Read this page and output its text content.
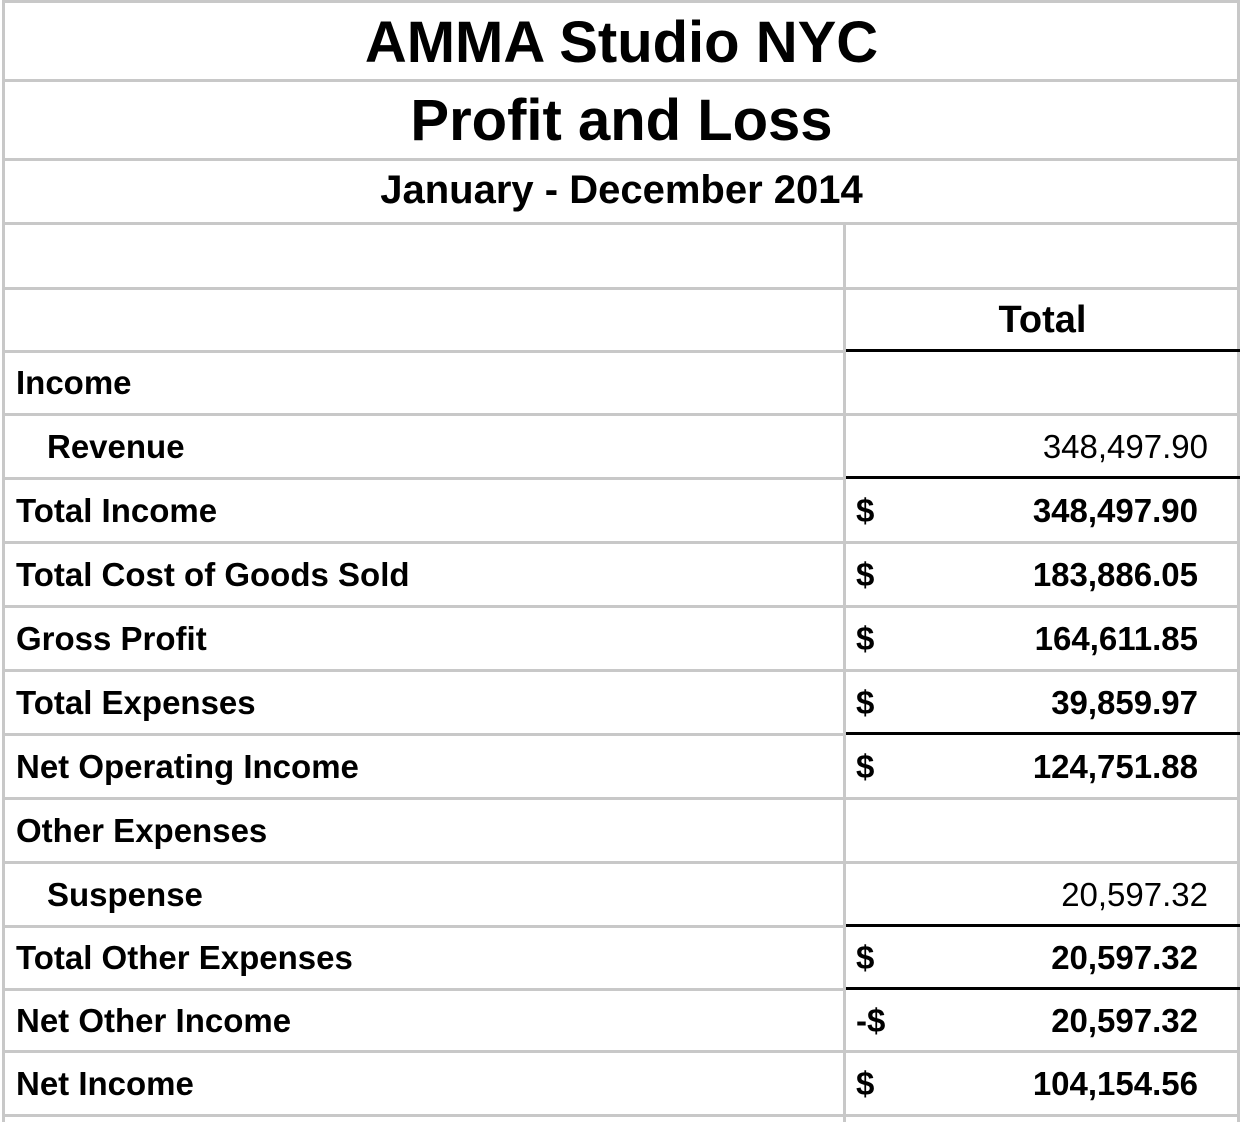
AMMA Studio NYC
Profit and Loss
January - December 2014
Total
Income
Revenue	348,497.90
Total Income	$	348,497.90
Total Cost of Goods Sold	$	183,886.05
Gross Profit	$	164,611.85
Total Expenses	$	39,859.97
Net Operating Income	$	124,751.88
Other Expenses
Suspense	20,597.32
Total Other Expenses	$	20,597.32
Net Other Income	-$	20,597.32
Net Income	$	104,154.56
